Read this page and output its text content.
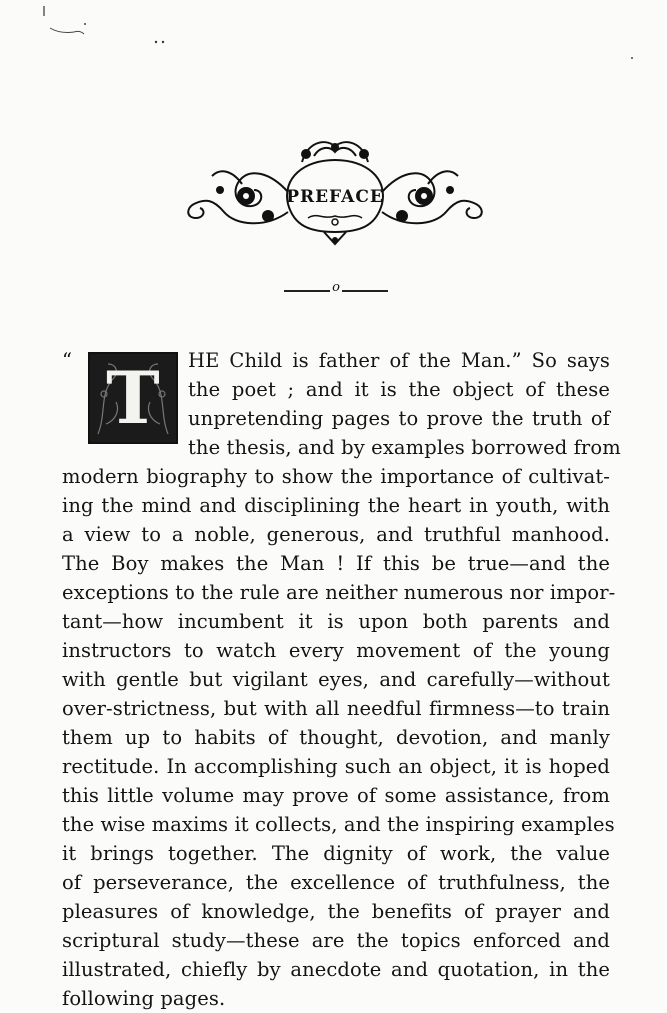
PREFACE
o
“ T	HE Child is father of the Man.” So says
the poet ; and it is the object of these
unpretending pages to prove the truth of
the thesis, and by examples borrowed from
modern biography to show the importance of cultivat-
ing the mind and disciplining the heart in youth, with
a view to a noble, generous, and truthful manhood.
The Boy makes the Man ! If this be true—and the
exceptions to the rule are neither numerous nor impor-
tant—how incumbent it is upon both parents and
instructors to watch every movement of the young
with gentle but vigilant eyes, and carefully—without
over-strictness, but with all needful firmness—to train
them up to habits of thought, devotion, and manly
rectitude. In accomplishing such an object, it is hoped
this little volume may prove of some assistance, from
the wise maxims it collects, and the inspiring examples
it brings together. The dignity of work, the value
of perseverance, the excellence of truthfulness, the
pleasures of knowledge, the benefits of prayer and
scriptural study—these are the topics enforced and
illustrated, chiefly by anecdote and quotation, in the
following pages.
